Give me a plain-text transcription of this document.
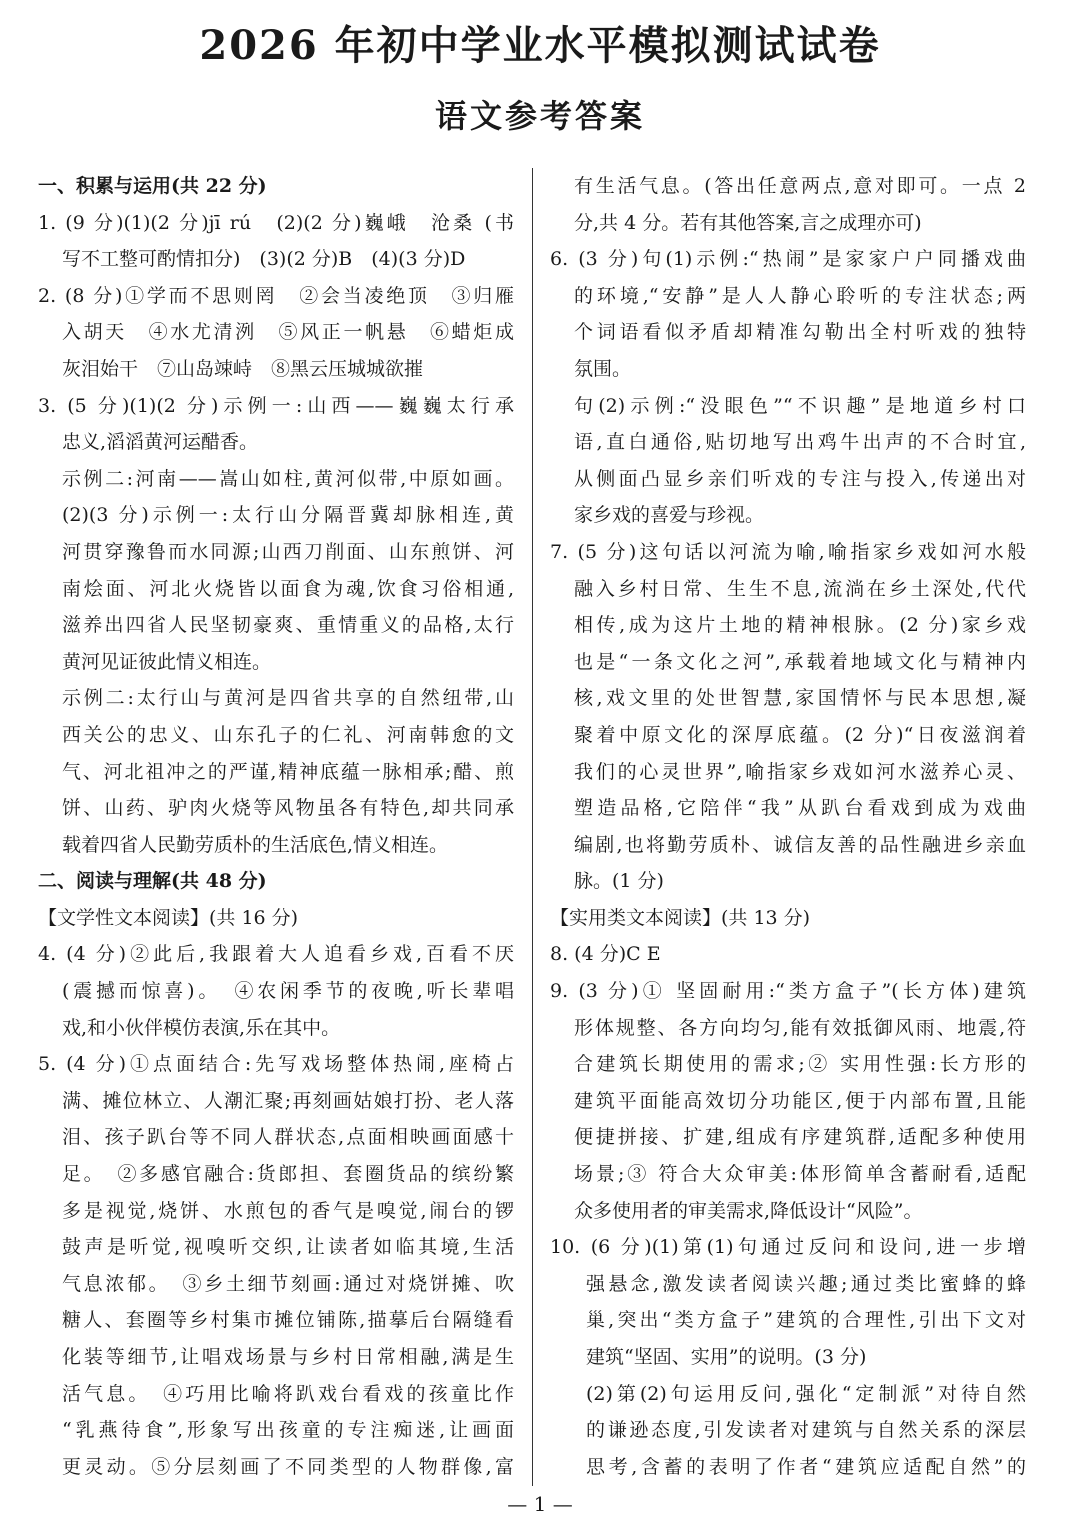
2026 年初中学业水平模拟测试试卷
语文参考答案
一、积累与运用(共 22 分)
1. (9 分)(1)(2 分)jī rú　(2)(2 分)巍峨　沧桑 (书
写不工整可酌情扣分)　(3)(2 分)B　(4)(3 分)D
2. (8 分)①学而不思则罔　②会当凌绝顶　③归雁
入胡天　④水尤清洌　⑤风正一帆悬　⑥蜡炬成
灰泪始干　⑦山岛竦峙　⑧黑云压城城欲摧
3. (5 分)(1)(2 分)示例一:山西——巍巍太行承
忠义,滔滔黄河运醋香。
示例二:河南——嵩山如柱,黄河似带,中原如画。
(2)(3 分)示例一:太行山分隔晋冀却脉相连,黄
河贯穿豫鲁而水同源;山西刀削面、山东煎饼、河
南烩面、河北火烧皆以面食为魂,饮食习俗相通,
滋养出四省人民坚韧豪爽、重情重义的品格,太行
黄河见证彼此情义相连。
示例二:太行山与黄河是四省共享的自然纽带,山
西关公的忠义、山东孔子的仁礼、河南韩愈的文
气、河北祖冲之的严谨,精神底蕴一脉相承;醋、煎
饼、山药、驴肉火烧等风物虽各有特色,却共同承
载着四省人民勤劳质朴的生活底色,情义相连。
二、阅读与理解(共 48 分)
【文学性文本阅读】(共 16 分)
4. (4 分)②此后,我跟着大人追看乡戏,百看不厌
(震撼而惊喜)。　④农闲季节的夜晚,听长辈唱
戏,和小伙伴模仿表演,乐在其中。
5. (4 分)①点面结合:先写戏场整体热闹,座椅占
满、摊位林立、人潮汇聚;再刻画姑娘打扮、老人落
泪、孩子趴台等不同人群状态,点面相映画面感十
足。　②多感官融合:货郎担、套圈货品的缤纷繁
多是视觉,烧饼、水煎包的香气是嗅觉,闹台的锣
鼓声是听觉,视嗅听交织,让读者如临其境,生活
气息浓郁。　③乡土细节刻画:通过对烧饼摊、吹
糖人、套圈等乡村集市摊位铺陈,描摹后台隔缝看
化装等细节,让唱戏场景与乡村日常相融,满是生
活气息。　④巧用比喻将趴戏台看戏的孩童比作
“乳燕待食”,形象写出孩童的专注痴迷,让画面
更灵动。⑤分层刻画了不同类型的人物群像,富
有生活气息。(答出任意两点,意对即可。一点 2
分,共 4 分。若有其他答案,言之成理亦可)
6. (3 分)句(1)示例:“热闹”是家家户户同播戏曲
的环境,“安静”是人人静心聆听的专注状态;两
个词语看似矛盾却精准勾勒出全村听戏的独特
氛围。
句(2)示例:“没眼色”“不识趣”是地道乡村口
语,直白通俗,贴切地写出鸡牛出声的不合时宜,
从侧面凸显乡亲们听戏的专注与投入,传递出对
家乡戏的喜爱与珍视。
7. (5 分)这句话以河流为喻,喻指家乡戏如河水般
融入乡村日常、生生不息,流淌在乡土深处,代代
相传,成为这片土地的精神根脉。(2 分)家乡戏
也是“一条文化之河”,承载着地域文化与精神内
核,戏文里的处世智慧,家国情怀与民本思想,凝
聚着中原文化的深厚底蕴。(2 分)“日夜滋润着
我们的心灵世界”,喻指家乡戏如河水滋养心灵、
塑造品格,它陪伴“我”从趴台看戏到成为戏曲
编剧,也将勤劳质朴、诚信友善的品性融进乡亲血
脉。(1 分)
【实用类文本阅读】(共 13 分)
8. (4 分)C E
9. (3 分)① 坚固耐用:“类方盒子”(长方体)建筑
形体规整、各方向均匀,能有效抵御风雨、地震,符
合建筑长期使用的需求;② 实用性强:长方形的
建筑平面能高效切分功能区,便于内部布置,且能
便捷拼接、扩建,组成有序建筑群,适配多种使用
场景;③ 符合大众审美:体形简单含蓄耐看,适配
众多使用者的审美需求,降低设计“风险”。
10. (6 分)(1)第(1)句通过反问和设问,进一步增
强悬念,激发读者阅读兴趣;通过类比蜜蜂的蜂
巢,突出“类方盒子”建筑的合理性,引出下文对
建筑“坚固、实用”的说明。(3 分)
(2)第(2)句运用反问,强化“定制派”对待自然
的谦逊态度,引发读者对建筑与自然关系的深层
思考,含蓄的表明了作者“建筑应适配自然”的
— 1 —
